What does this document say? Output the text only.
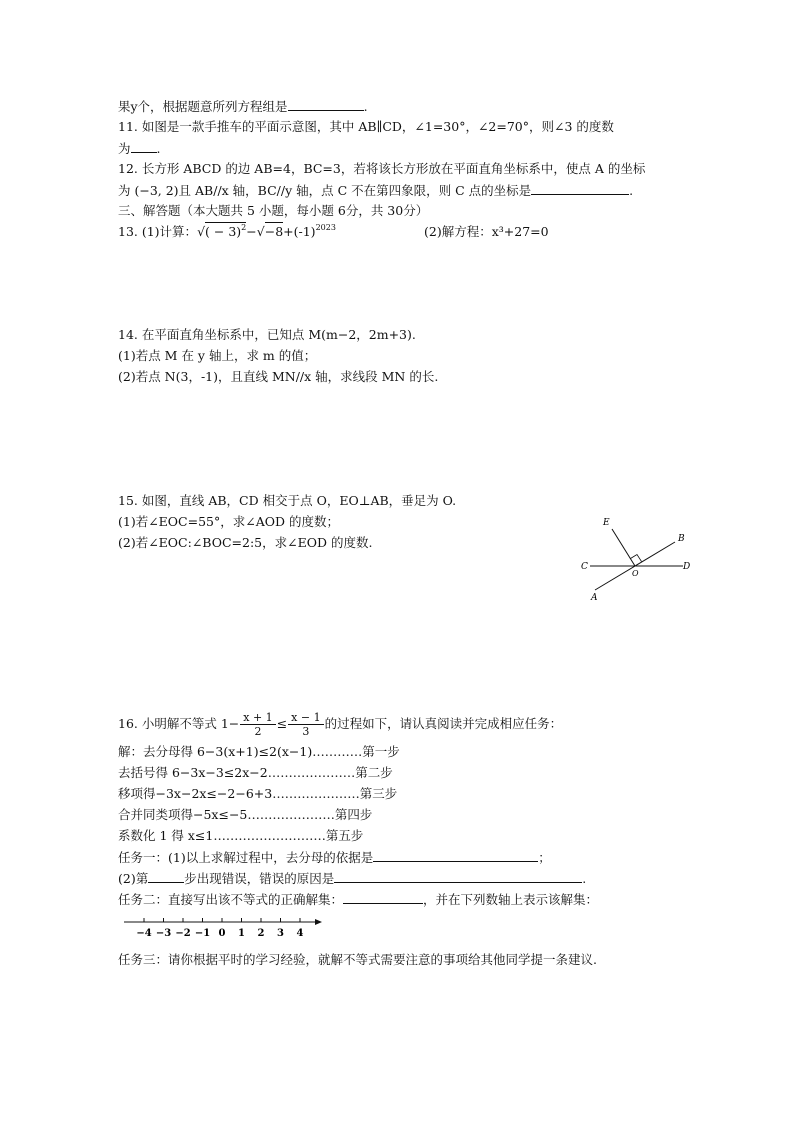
果y个，根据题意所列方程组是	.
11. 如图是一款手推车的平面示意图，其中 AB∥CD，∠1=30°，∠2=70°，则∠3 的度数
为 .
12. 长方形 ABCD 的边 AB=4，BC=3，若将该长方形放在平面直角坐标系中，使点 A 的坐标
为 (−3, 2)且 AB//x 轴，BC//y 轴，点 C 不在第四象限，则 C 点的坐标是	.
三、解答题（本大题共 5 小题，每小题 6分，共 30分）
13. (1)计算：√( − $3)^2-√-8+(-1)^{2023}$	(2)解方程：x³+27=0
14. 在平面直角坐标系中，已知点 M(m−2，2m+3).
(1)若点 M 在 y 轴上，求 m 的值；
(2)若点 N(3，-1)，且直线 MN//x 轴，求线段 MN 的长.
15. 如图，直线 AB，CD 相交于点 O，EO⊥AB，垂足为 O.
(1)若∠EOC=55°，求∠AOD 的度数；
(2)若∠EOC:∠BOC=2:5，求∠EOD 的度数.
E
B
C
O
D
A
16. 小明解不等式 $1- \frac{x + 1}{2} \le \frac{x - 1}{3}$ 的过程如下，请认真阅读并完成相应任务：
解：去分母得 6−3(x+1)≤2(x−1)…………第一步
去括号得 6−3x−3≤2x−2…………………第二步
移项得−3x−2x≤−2−6+3…………………第三步
合并同类项得−5x≤−5…………………第四步
系数化 1 得 x≤1………………………第五步
任务一：(1)以上求解过程中，去分母的依据是	；
(2)第	步出现错误，错误的原因是	.
任务二：直接写出该不等式的正确解集：	，并在下列数轴上表示该解集：
−4 −3 −2 −1 0 1 2 3 4
任务三：请你根据平时的学习经验，就解不等式需要注意的事项给其他同学提一条建议.
